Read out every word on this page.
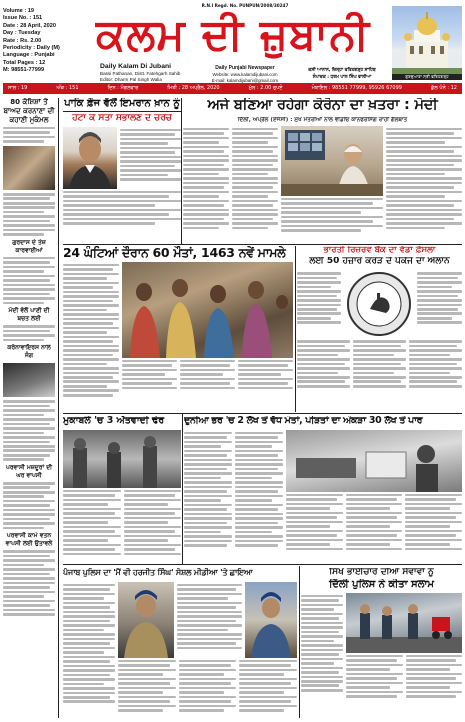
R.N.I Regd. No. PUNPUN/2008/30247
Volume : 19
Issue No. : 151
Date : 28 April, 2020
Day : Tuesday
Rate : Rs. 2.00
Periodicity : Daily (M)
Language : Punjabi
Total Pages : 12
M: 98551-77999
ਕਲਮ ਦੀ ਜ਼ੁਬਾਨੀ
Daily Kalam Di Jubani
Bassi Pathanan, Distt. Fatehgarh Sahib
Editor: Dharm Pal Singh Walia
Daily Punjabi Newspaper
Website: www.kalamdijubani.com
E-mail: kalamdijubani@gmail.com
ਕਸੀ ਆਨਾਨ, ਜ਼ਿਲ੍ਹਾ ਫਤਿਹਗੜ੍ਹ ਸਾਹਿਬ
ਸੰਪਾਦਕ : ਧਰਮ ਪਾਲ ਸਿੰਘ ਵਾਲੀਆ	ਗੁਰਦੁਆਰਾ ਸ੍ਰੀ ਫਤਿਹਗੜ੍ਹ
ਸਾਲ : 19	ਅੰਕ : 151	ਦਿਨ : ਮੰਗਲਵਾਰ	ਮਿਤੀ : 28 ਅਪ੍ਰੈਲ, 2020	ਮੁੱਲ : 2.00 ਰੁਪਏ	ਮੋਬਾਇਲ : 98551 77999, 95926 67099	ਕੁੱਲ ਪੰਨੇ : 12
80 ਕੋਸ਼ਿਸ਼ਾਂ ਤੋਂ ਬਾਅਦ ਕਰਨਾਣਾ ਦੀ ਕਹਾਣੀ ਮੁਕੰਮਲ
ਗੁਰਦਾਸ ਦੇ ਤੇਜ਼ ਕਾਰਵਾਈਆਂ
ਮੋਦੀ ਵੱਲੋਂ ਪਾਣੀ ਦੀ ਬਚਤ ਲਈ
ਕਰੋਨਾਵਾਇਰਸ ਨਾਲ ਜੰਗ
ਪਰਵਾਸੀ ਮਜ਼ਦੂਰਾਂ ਦੀ ਘਰ ਵਾਪਸੀ
ਪਰਵਾਸੀ ਕਾਮੇ ਵਤਨ ਵਾਪਸੀ ਲਈ ਉਤਾਵਲੇ
ਪਾਕਿ ਫ਼ੌਜ ਵੱਲੋਂ ਇਮਰਾਨ ਖ਼ਾਨ ਨੂੰ
ਹਟਾ ਕੇ ਸੱਤਾ ਸੰਭਾਲਣ ਦੇ ਚਰਚੇ
ਅਜੇ ਬਣਿਆ ਰਹੇਗਾ ਕੋਰੋਨਾ ਦਾ ਖ਼ਤਰਾ : ਮੋਦੀ
ਦਿੱਲੀ, ਅਪ੍ਰੈਲ (ਏਜੰਸੀ) : ਮੁੱਖ ਮੰਤਰੀਆਂ ਨਾਲ ਵੀਡੀਓ ਕਾਨਫਰੰਸਿੰਗ ਰਾਹੀਂ ਗੱਲਬਾਤ
24 ਘੰਟਿਆਂ ਦੌਰਾਨ 60 ਮੌਤਾਂ, 1463 ਨਵੇਂ ਮਾਮਲੇ	ਭਾਰਤੀ ਰਿਜ਼ਰਵ ਬੈਂਕ ਦਾ ਵੱਡਾ ਫ਼ੈਸਲਾ
ਲਈ 50 ਹਜ਼ਾਰ ਕਰੋੜ ਦੇ ਪੈਕੇਜ ਦਾ ਐਲਾਨ
ਮੁਕਾਬਲੇ 'ਚ 3 ਅੱਤਵਾਦੀ ਢੇਰ	ਦੁਨੀਆ ਭਰ 'ਚ 2 ਲੱਖ ਤੋਂ ਵੱਧ ਮੌਤਾਂ, ਪੀੜਤਾਂ ਦਾ ਅੰਕੜਾ 30 ਲੱਖ ਤੋਂ ਪਾਰ
ਪੰਜਾਬ ਪੁਲਿਸ ਦਾ 'ਮੈਂ ਵੀ ਹਰਜੀਤ ਸਿੰਘ' ਸੋਸ਼ਲ ਮੀਡੀਆ 'ਤੇ ਛਾਇਆ	ਸਿੱਖ ਭਾਈਚਾਰੇ ਦੀਆਂ ਸੇਵਾਵਾਂ ਨੂੰ
ਦਿੱਲੀ ਪੁਲਿਸ ਨੇ ਕੀਤਾ ਸਲਾਮ
